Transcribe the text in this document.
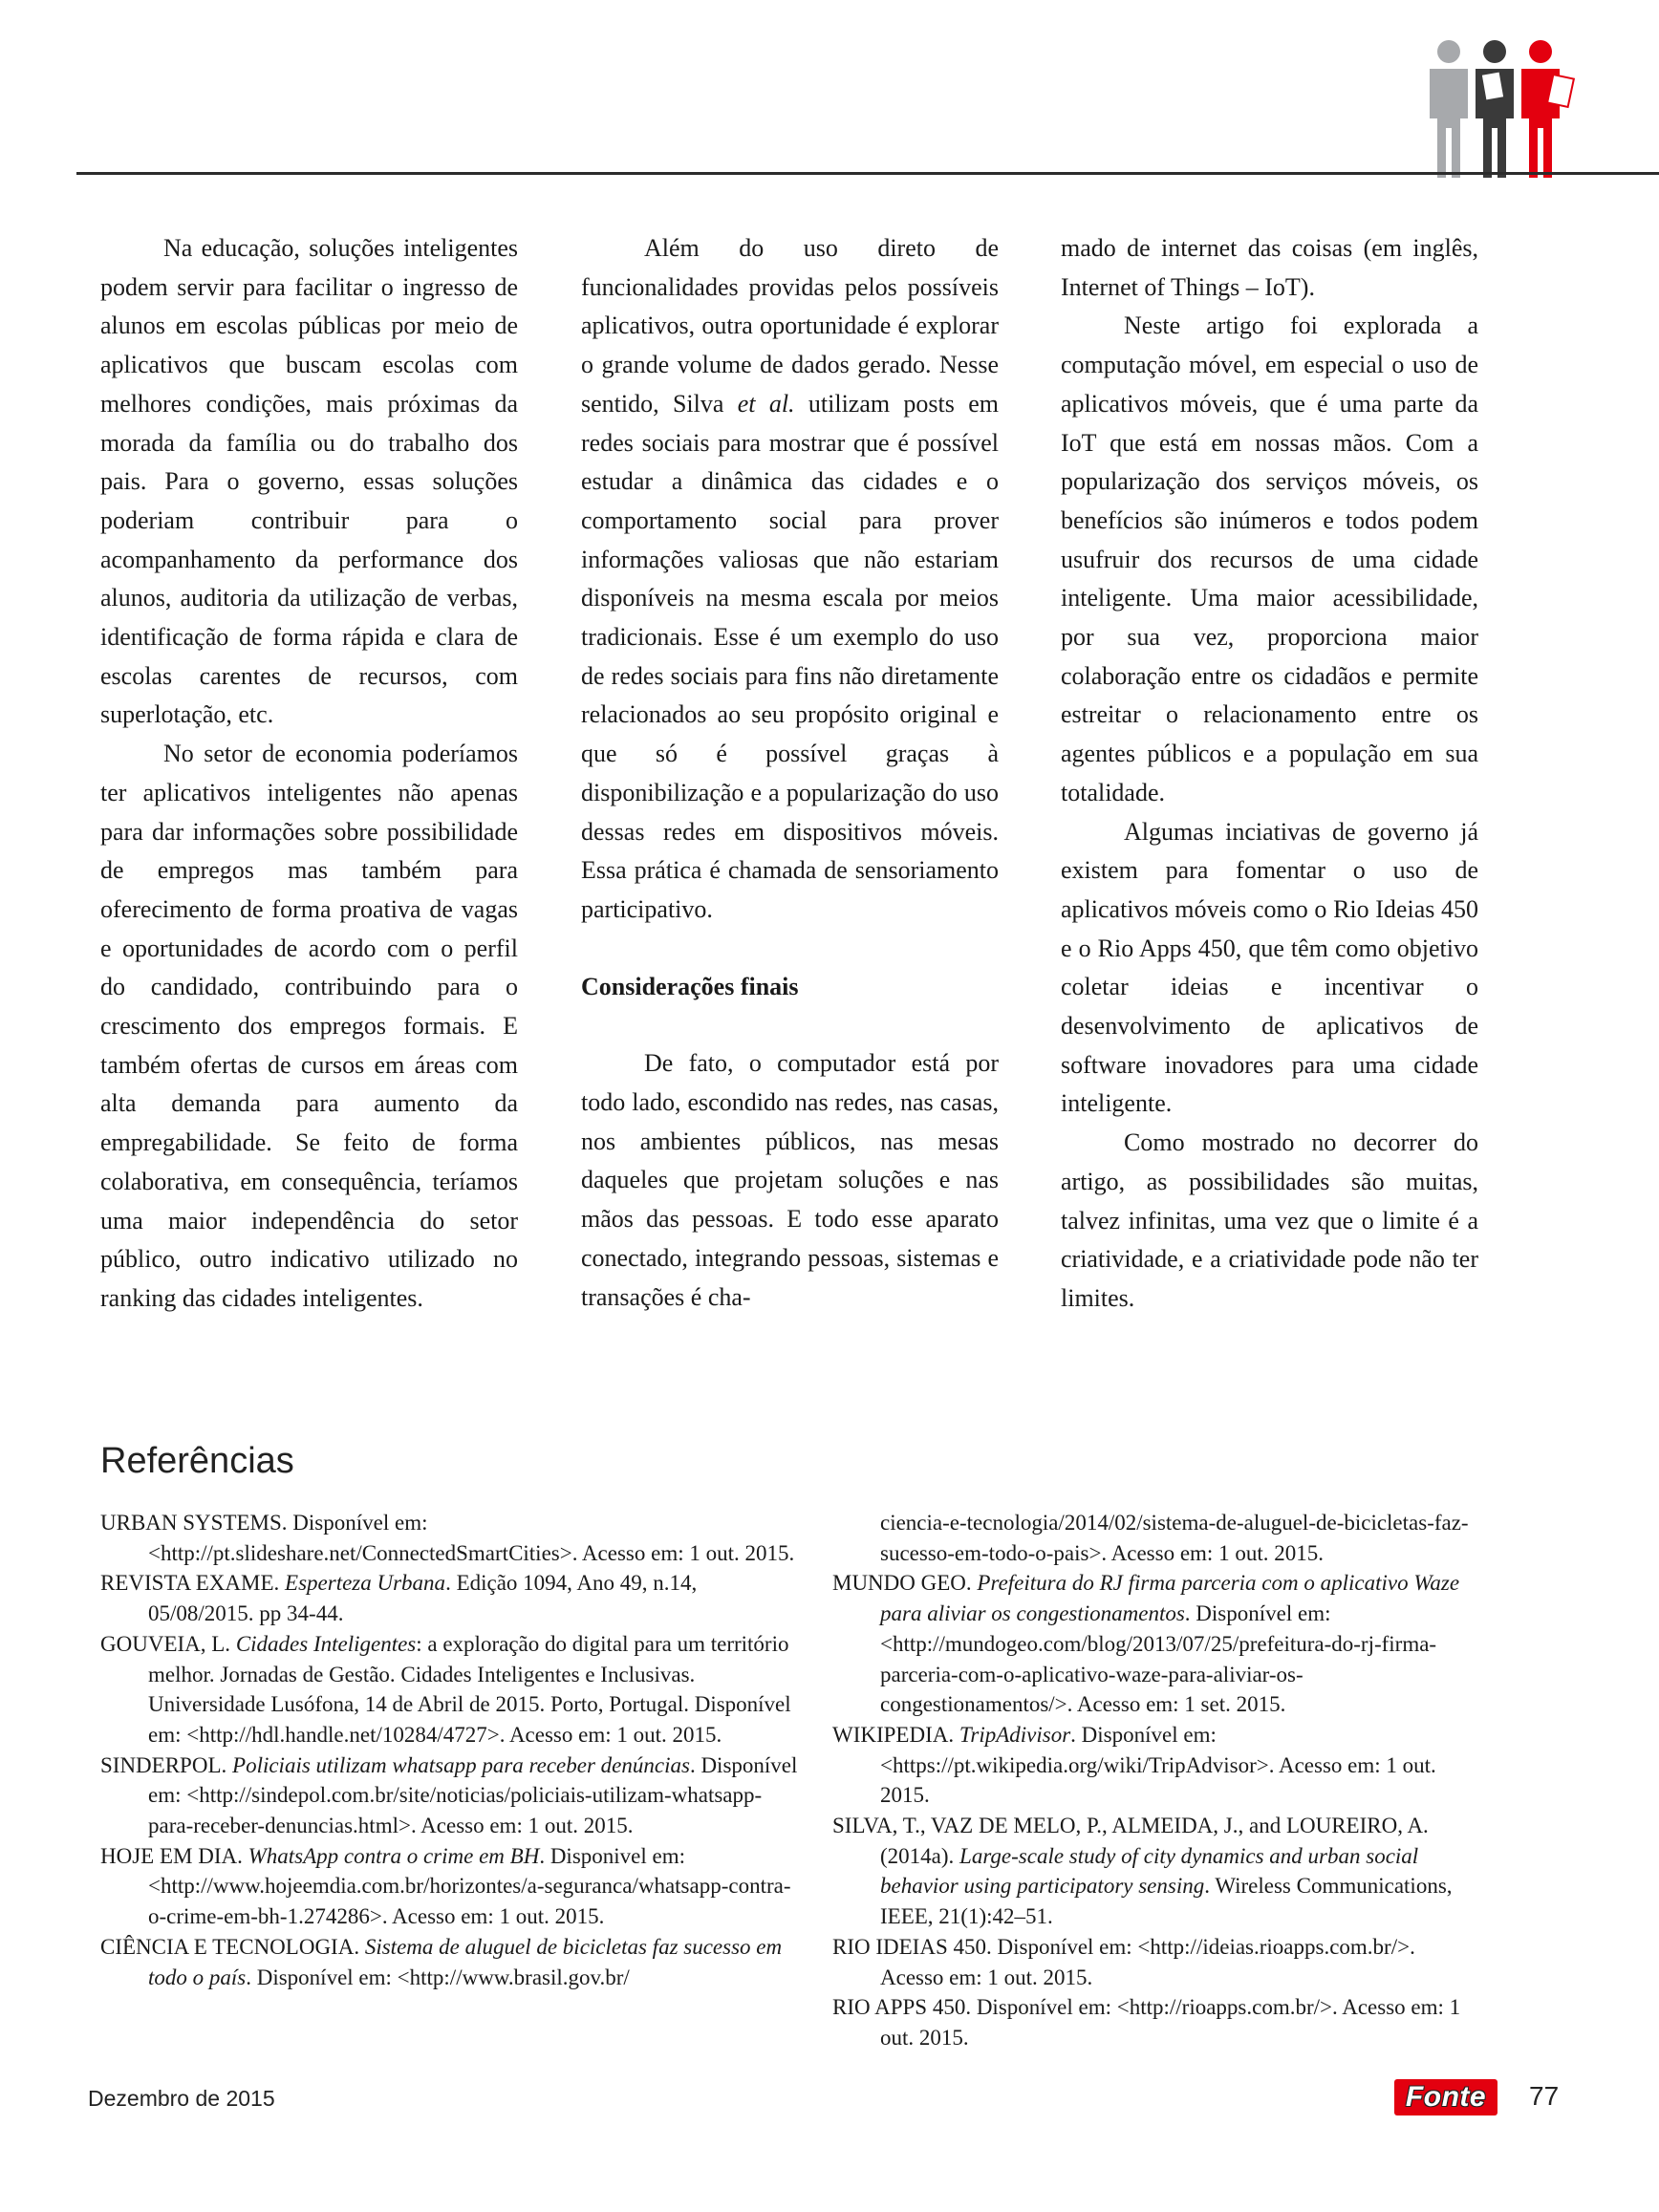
Na educação, soluções inteligentes podem servir para facilitar o ingresso de alunos em escolas públicas por meio de aplicativos que buscam escolas com melhores condições, mais próximas da morada da família ou do trabalho dos pais. Para o governo, essas soluções poderiam contribuir para o acompanhamento da performance dos alunos, auditoria da utilização de verbas, identificação de forma rápida e clara de escolas carentes de recursos, com superlotação, etc.

No setor de economia poderíamos ter aplicativos inteligentes não apenas para dar informações sobre possibilidade de empregos mas também para oferecimento de forma proativa de vagas e oportunidades de acordo com o perfil do candidado, contribuindo para o crescimento dos empregos formais. E também ofertas de cursos em áreas com alta demanda para aumento da empregabilidade. Se feito de forma colaborativa, em consequência, teríamos uma maior independência do setor público, outro indicativo utilizado no ranking das cidades inteligentes.

Além do uso direto de funcionalidades providas pelos possíveis aplicativos, outra oportunidade é explorar o grande volume de dados gerado. Nesse sentido, Silva et al. utilizam posts em redes sociais para mostrar que é possível estudar a dinâmica das cidades e o comportamento social para prover informações valiosas que não estariam disponíveis na mesma escala por meios tradicionais. Esse é um exemplo do uso de redes sociais para fins não diretamente relacionados ao seu propósito original e que só é possível graças à disponibilização e a popularização do uso dessas redes em dispositivos móveis. Essa prática é chamada de sensoriamento participativo.

Considerações finais

De fato, o computador está por todo lado, escondido nas redes, nas casas, nos ambientes públicos, nas mesas daqueles que projetam soluções e nas mãos das pessoas. E todo esse aparato conectado, integrando pessoas, sistemas e transações é cha-

mado de internet das coisas (em inglês, Internet of Things – IoT).

Neste artigo foi explorada a computação móvel, em especial o uso de aplicativos móveis, que é uma parte da IoT que está em nossas mãos. Com a popularização dos serviços móveis, os benefícios são inúmeros e todos podem usufruir dos recursos de uma cidade inteligente. Uma maior acessibilidade, por sua vez, proporciona maior colaboração entre os cidadãos e permite estreitar o relacionamento entre os agentes públicos e a população em sua totalidade.

Algumas inciativas de governo já existem para fomentar o uso de aplicativos móveis como o Rio Ideias 450 e o Rio Apps 450, que têm como objetivo coletar ideias e incentivar o desenvolvimento de aplicativos de software inovadores para uma cidade inteligente.

Como mostrado no decorrer do artigo, as possibilidades são muitas, talvez infinitas, uma vez que o limite é a criatividade, e a criatividade pode não ter limites.

Referências

URBAN SYSTEMS. Disponível em: <http://pt.slideshare.net/ConnectedSmartCities>. Acesso em: 1 out. 2015.

REVISTA EXAME. Esperteza Urbana. Edição 1094, Ano 49, n.14, 05/08/2015. pp 34-44.

GOUVEIA, L. Cidades Inteligentes: a exploração do digital para um território melhor. Jornadas de Gestão. Cidades Inteligentes e Inclusivas. Universidade Lusófona, 14 de Abril de 2015. Porto, Portugal. Disponível em: <http://hdl.handle.net/10284/4727>. Acesso em: 1 out. 2015.

SINDERPOL. Policiais utilizam whatsapp para receber denúncias. Disponível em: <http://sindepol.com.br/site/noticias/policiais-utilizam-whatsapp-para-receber-denuncias.html>. Acesso em: 1 out. 2015.

HOJE EM DIA. WhatsApp contra o crime em BH. Disponivel em: <http://www.hojeemdia.com.br/horizontes/a-seguranca/whatsapp-contra-o-crime-em-bh-1.274286>. Acesso em: 1 out. 2015.

CIÊNCIA E TECNOLOGIA. Sistema de aluguel de bicicletas faz sucesso em todo o país. Disponível em: <http://www.brasil.gov.br/

ciencia-e-tecnologia/2014/02/sistema-de-aluguel-de-bicicletas-faz-sucesso-em-todo-o-pais>. Acesso em: 1 out. 2015.

MUNDO GEO. Prefeitura do RJ firma parceria com o aplicativo Waze para aliviar os congestionamentos. Disponível em: <http://mundogeo.com/blog/2013/07/25/prefeitura-do-rj-firma-parceria-com-o-aplicativo-waze-para-aliviar-os-congestionamentos/>. Acesso em: 1 set. 2015.

WIKIPEDIA. TripAdivisor. Disponível em: <https://pt.wikipedia.org/wiki/TripAdvisor>. Acesso em: 1 out. 2015.

SILVA, T., VAZ DE MELO, P., ALMEIDA, J., and LOUREIRO, A. (2014a). Large-scale study of city dynamics and urban social behavior using participatory sensing. Wireless Communications, IEEE, 21(1):42–51.

RIO IDEIAS 450. Disponível em: <http://ideias.rioapps.com.br/>. Acesso em: 1 out. 2015.

RIO APPS 450. Disponível em: <http://rioapps.com.br/>. Acesso em: 1 out. 2015.

Dezembro de 2015	Fonte	77
